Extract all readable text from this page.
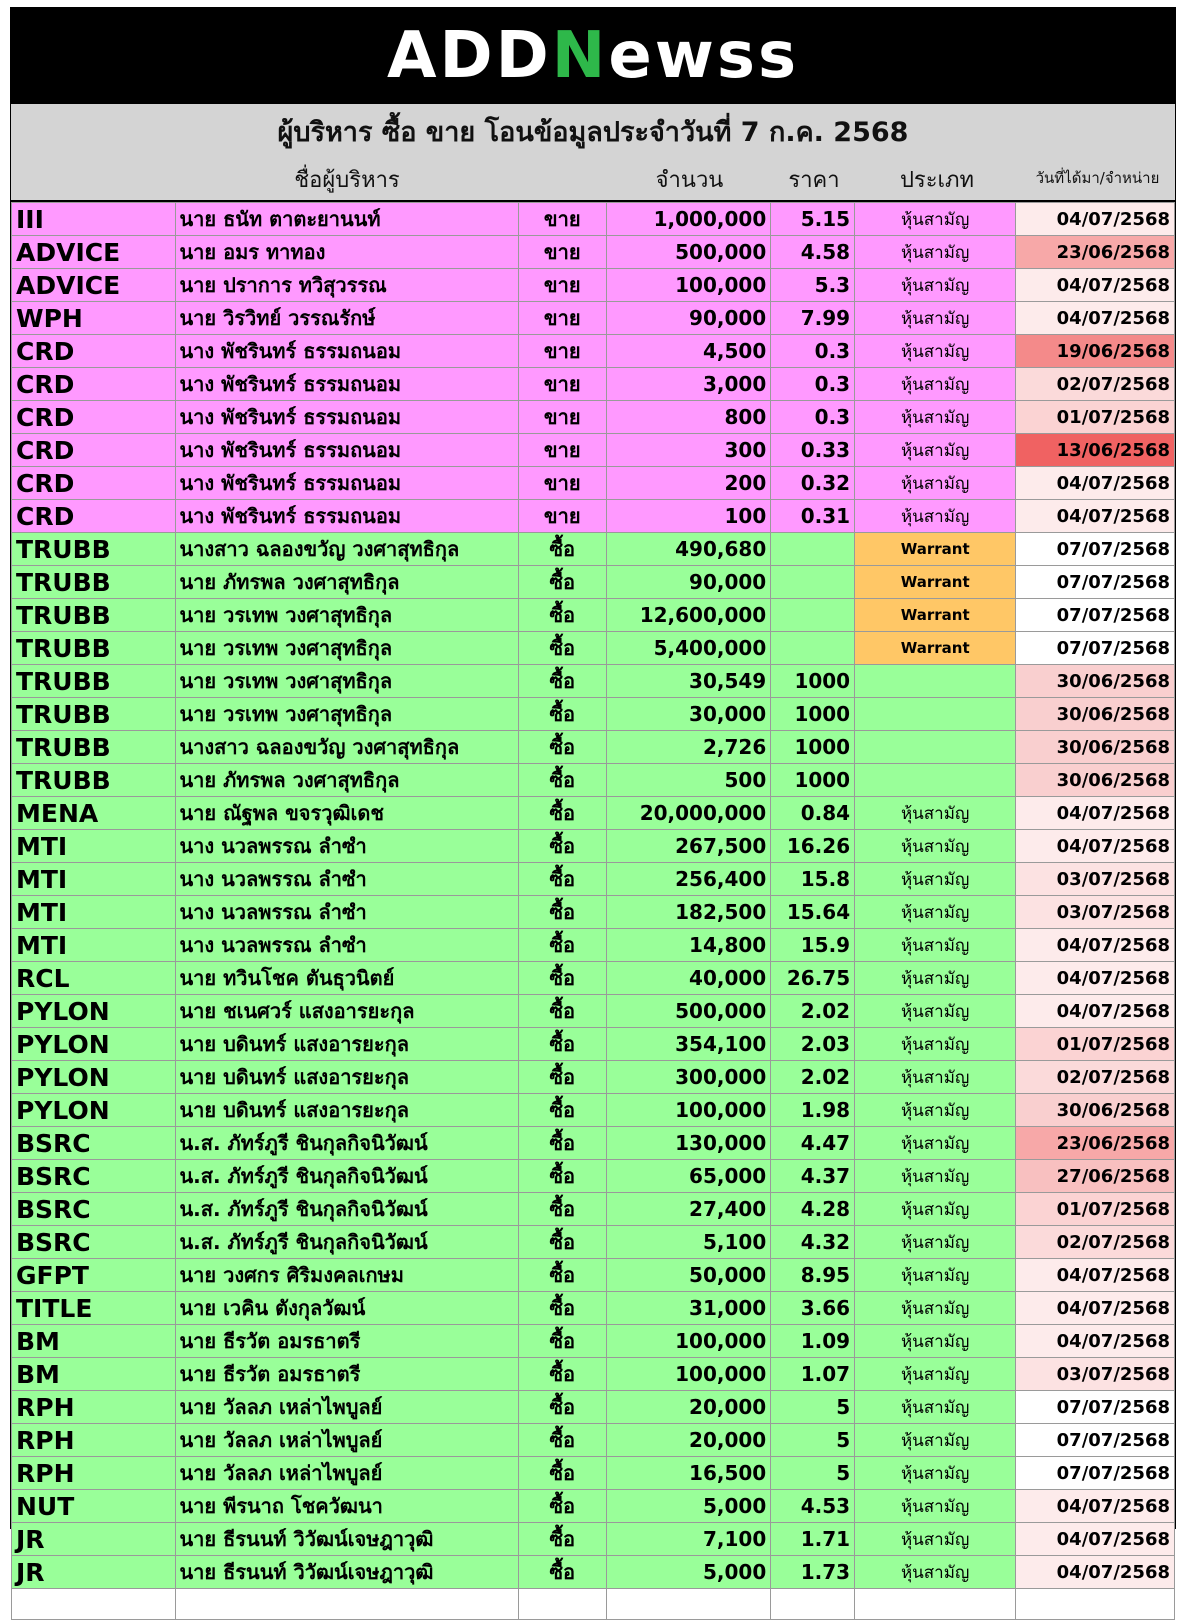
ADDNewss
ผู้บริหาร ซื้อ ขาย โอนข้อมูลประจำวันที่ 7 ก.ค. 2568
ชื่อผู้บริหาร	จำนวน	ราคา	ประเภท	วันที่ได้มา/จำหน่าย
III	นาย ธนัท ตาตะยานนท์	ขาย	1,000,000	5.15	หุ้นสามัญ	04/07/2568
ADVICE	นาย อมร ทาทอง	ขาย	500,000	4.58	หุ้นสามัญ	23/06/2568
ADVICE	นาย ปราการ ทวิสุวรรณ	ขาย	100,000	5.3	หุ้นสามัญ	04/07/2568
WPH	นาย วิรวิทย์ วรรณรักษ์	ขาย	90,000	7.99	หุ้นสามัญ	04/07/2568
CRD	นาง พัชรินทร์ ธรรมถนอม	ขาย	4,500	0.3	หุ้นสามัญ	19/06/2568
CRD	นาง พัชรินทร์ ธรรมถนอม	ขาย	3,000	0.3	หุ้นสามัญ	02/07/2568
CRD	นาง พัชรินทร์ ธรรมถนอม	ขาย	800	0.3	หุ้นสามัญ	01/07/2568
CRD	นาง พัชรินทร์ ธรรมถนอม	ขาย	300	0.33	หุ้นสามัญ	13/06/2568
CRD	นาง พัชรินทร์ ธรรมถนอม	ขาย	200	0.32	หุ้นสามัญ	04/07/2568
CRD	นาง พัชรินทร์ ธรรมถนอม	ขาย	100	0.31	หุ้นสามัญ	04/07/2568
TRUBB	นางสาว ฉลองขวัญ วงศาสุทธิกุล	ซื้อ	490,680		Warrant	07/07/2568
TRUBB	นาย ภัทรพล วงศาสุทธิกุล	ซื้อ	90,000		Warrant	07/07/2568
TRUBB	นาย วรเทพ วงศาสุทธิกุล	ซื้อ	12,600,000		Warrant	07/07/2568
TRUBB	นาย วรเทพ วงศาสุทธิกุล	ซื้อ	5,400,000		Warrant	07/07/2568
TRUBB	นาย วรเทพ วงศาสุทธิกุล	ซื้อ	30,549	1000		30/06/2568
TRUBB	นาย วรเทพ วงศาสุทธิกุล	ซื้อ	30,000	1000		30/06/2568
TRUBB	นางสาว ฉลองขวัญ วงศาสุทธิกุล	ซื้อ	2,726	1000		30/06/2568
TRUBB	นาย ภัทรพล วงศาสุทธิกุล	ซื้อ	500	1000		30/06/2568
MENA	นาย ณัฐพล ขจรวุฒิเดช	ซื้อ	20,000,000	0.84	หุ้นสามัญ	04/07/2568
MTI	นาง นวลพรรณ ลำซำ	ซื้อ	267,500	16.26	หุ้นสามัญ	04/07/2568
MTI	นาง นวลพรรณ ลำซำ	ซื้อ	256,400	15.8	หุ้นสามัญ	03/07/2568
MTI	นาง นวลพรรณ ลำซำ	ซื้อ	182,500	15.64	หุ้นสามัญ	03/07/2568
MTI	นาง นวลพรรณ ลำซำ	ซื้อ	14,800	15.9	หุ้นสามัญ	04/07/2568
RCL	นาย ทวินโชค ตันธุวนิตย์	ซื้อ	40,000	26.75	หุ้นสามัญ	04/07/2568
PYLON	นาย ชเนศวร์ แสงอารยะกุล	ซื้อ	500,000	2.02	หุ้นสามัญ	04/07/2568
PYLON	นาย บดินทร์ แสงอารยะกุล	ซื้อ	354,100	2.03	หุ้นสามัญ	01/07/2568
PYLON	นาย บดินทร์ แสงอารยะกุล	ซื้อ	300,000	2.02	หุ้นสามัญ	02/07/2568
PYLON	นาย บดินทร์ แสงอารยะกุล	ซื้อ	100,000	1.98	หุ้นสามัญ	30/06/2568
BSRC	น.ส. ภัทร์ภูรี ชินกุลกิจนิวัฒน์	ซื้อ	130,000	4.47	หุ้นสามัญ	23/06/2568
BSRC	น.ส. ภัทร์ภูรี ชินกุลกิจนิวัฒน์	ซื้อ	65,000	4.37	หุ้นสามัญ	27/06/2568
BSRC	น.ส. ภัทร์ภูรี ชินกุลกิจนิวัฒน์	ซื้อ	27,400	4.28	หุ้นสามัญ	01/07/2568
BSRC	น.ส. ภัทร์ภูรี ชินกุลกิจนิวัฒน์	ซื้อ	5,100	4.32	หุ้นสามัญ	02/07/2568
GFPT	นาย วงศกร ศิริมงคลเกษม	ซื้อ	50,000	8.95	หุ้นสามัญ	04/07/2568
TITLE	นาย เวคิน ตังกุลวัฒน์	ซื้อ	31,000	3.66	หุ้นสามัญ	04/07/2568
BM	นาย ธีรวัต อมรธาตรี	ซื้อ	100,000	1.09	หุ้นสามัญ	04/07/2568
BM	นาย ธีรวัต อมรธาตรี	ซื้อ	100,000	1.07	หุ้นสามัญ	03/07/2568
RPH	นาย วัลลภ เหล่าไพบูลย์	ซื้อ	20,000	5	หุ้นสามัญ	07/07/2568
RPH	นาย วัลลภ เหล่าไพบูลย์	ซื้อ	20,000	5	หุ้นสามัญ	07/07/2568
RPH	นาย วัลลภ เหล่าไพบูลย์	ซื้อ	16,500	5	หุ้นสามัญ	07/07/2568
NUT	นาย พีรนาถ โชควัฒนา	ซื้อ	5,000	4.53	หุ้นสามัญ	04/07/2568
JR	นาย ธีรนนท์ วิวัฒน์เจษฎาวุฒิ	ซื้อ	7,100	1.71	หุ้นสามัญ	04/07/2568
JR	นาย ธีรนนท์ วิวัฒน์เจษฎาวุฒิ	ซื้อ	5,000	1.73	หุ้นสามัญ	04/07/2568
